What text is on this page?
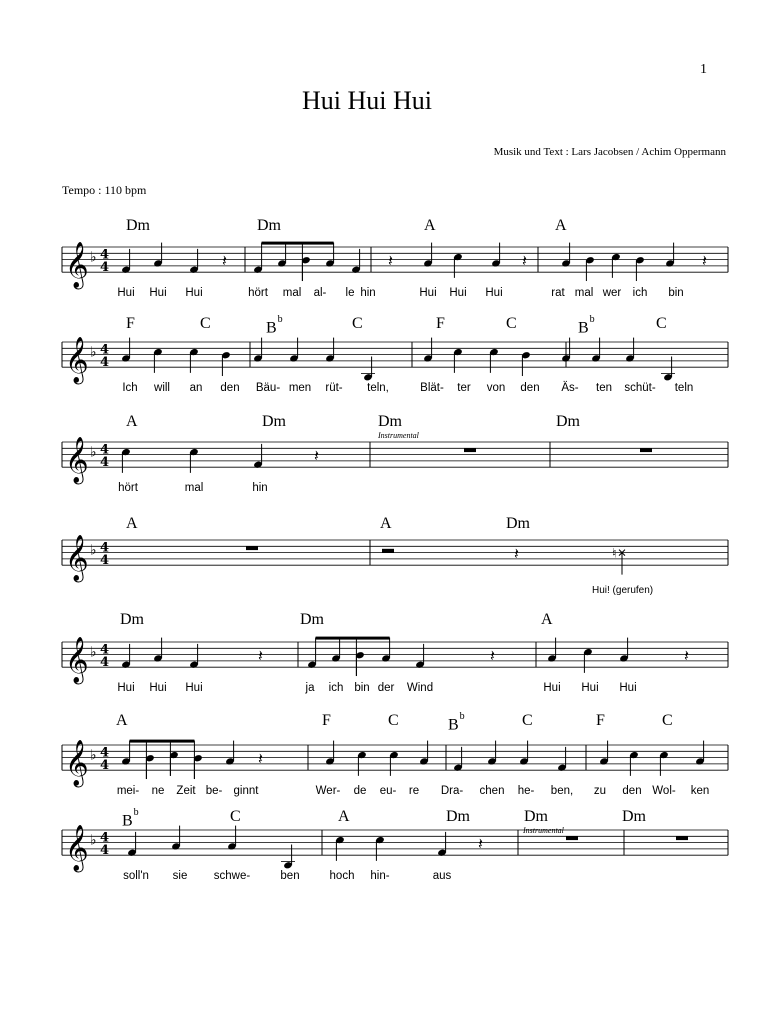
1
Hui Hui Hui
Musik und Text : Lars Jacobsen / Achim Oppermann
Tempo : 110 bpm
𝄞 ♭ 4
4	𝄽	𝄽	𝄽	𝄽
Dm	Dm	A	A
Hui Hui Hui	hört mal al- le hin	Hui Hui Hui	rat mal wer ich bin
𝄞 ♭ 4
4
F	C	$B^b$	C	F	C	$B^b$	C
Ich will an den Bäu- men rüt- teln,	Blät- ter von den Äs- ten schüt- teln
𝄞 ♭ 4
4	𝄽
A	Dm	Dm	Dm
hört	mal	hin
Instrumental
𝄞 ♭ 4
4	𝄽	♮
A	A	Dm
Hui! (gerufen)
𝄞 ♭ 4
4	𝄽	𝄽	𝄽
Dm	Dm	A
Hui Hui Hui	ja ich bin der Wind	Hui Hui Hui
𝄞 ♭ 4
4	𝄽
A	F	C	$B^b$	C	F	C
mei- ne Zeit be- ginnt	Wer- de eu- re Dra- chen he- ben, zu den Wol- ken
𝄞 ♭ 4
4	𝄽
$B^b$	C	A	Dm	Dm	Dm
soll'n sie schwe-	ben	hoch hin-	aus
Instrumental
